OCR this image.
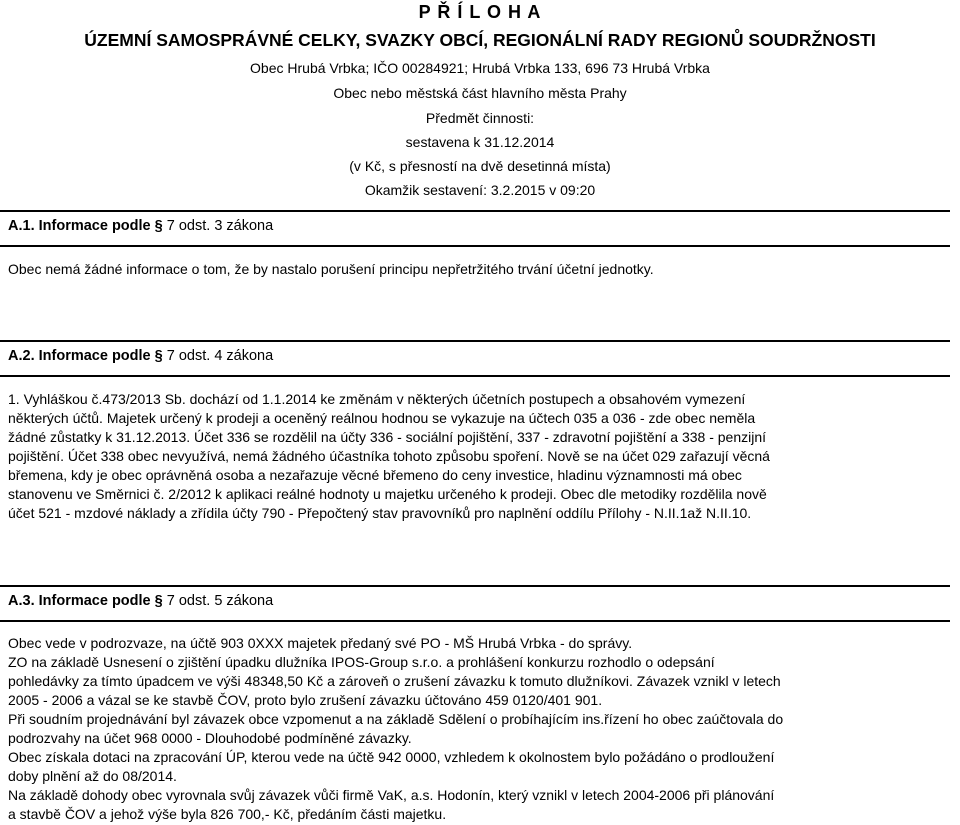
P Ř Í L O H A
ÚZEMNÍ SAMOSPRÁVNÉ CELKY, SVAZKY OBCÍ, REGIONÁLNÍ RADY REGIONŮ SOUDRŽNOSTI
Obec Hrubá Vrbka; IČO 00284921; Hrubá Vrbka 133, 696 73 Hrubá Vrbka
Obec nebo městská část hlavního města Prahy
Předmět činnosti:
sestavena k 31.12.2014
(v Kč, s přesností na dvě desetinná místa)
Okamžik sestavení: 3.2.2015 v 09:20
A.1. Informace podle § 7 odst. 3 zákona
Obec nemá žádné informace o tom, že by nastalo porušení principu nepřetržitého trvání účetní jednotky.
A.2. Informace podle § 7 odst. 4 zákona
1. Vyhláškou č.473/2013 Sb. dochází od 1.1.2014 ke změnám v některých účetních postupech a obsahovém vymezení
některých účtů. Majetek určený k prodeji a oceněný reálnou hodnou se vykazuje na účtech 035 a 036 - zde obec neměla
žádné zůstatky k 31.12.2013. Účet 336 se rozdělil na účty 336 - sociální pojištění, 337 - zdravotní pojištění a 338 - penzijní
pojištění. Účet 338 obec nevyužívá, nemá žádného účastníka tohoto způsobu spoření. Nově se na účet 029 zařazují věcná
břemena, kdy je obec oprávněná osoba a nezařazuje věcné břemeno do ceny investice, hladinu významnosti má obec
stanovenu ve Směrnici č. 2/2012 k aplikaci reálné hodnoty u majetku určeného k prodeji. Obec dle metodiky rozdělila nově
účet 521 - mzdové náklady a zřídila účty 790 - Přepočtený stav pravovníků pro naplnění oddílu Přílohy - N.II.1až N.II.10.
A.3. Informace podle § 7 odst. 5 zákona
Obec vede v podrozvaze, na účtě 903 0XXX majetek předaný své PO - MŠ Hrubá Vrbka - do správy.
ZO na základě Usnesení o zjištění úpadku dlužníka IPOS-Group s.r.o. a prohlášení konkurzu rozhodlo o odepsání
pohledávky za tímto úpadcem ve výši 48348,50 Kč a zároveň o zrušení závazku k tomuto dlužníkovi. Závazek vznikl v letech
2005 - 2006 a vázal se ke stavbě ČOV, proto bylo zrušení závazku účtováno 459 0120/401 901.
Při soudním projednávání byl závazek obce vzpomenut a na základě Sdělení o probíhajícím ins.řízení ho obec zaúčtovala do
podrozvahy na účet 968 0000 - Dlouhodobé podmíněné závazky.
Obec získala dotaci na zpracování ÚP, kterou vede na účtě 942 0000, vzhledem k okolnostem bylo požádáno o prodloužení
doby plnění až do 08/2014.
Na základě dohody obec vyrovnala svůj závazek vůči firmě VaK, a.s. Hodonín, který vznikl v letech 2004-2006 při plánování
a stavbě ČOV a jehož výše byla 826 700,- Kč, předáním části majetku.
